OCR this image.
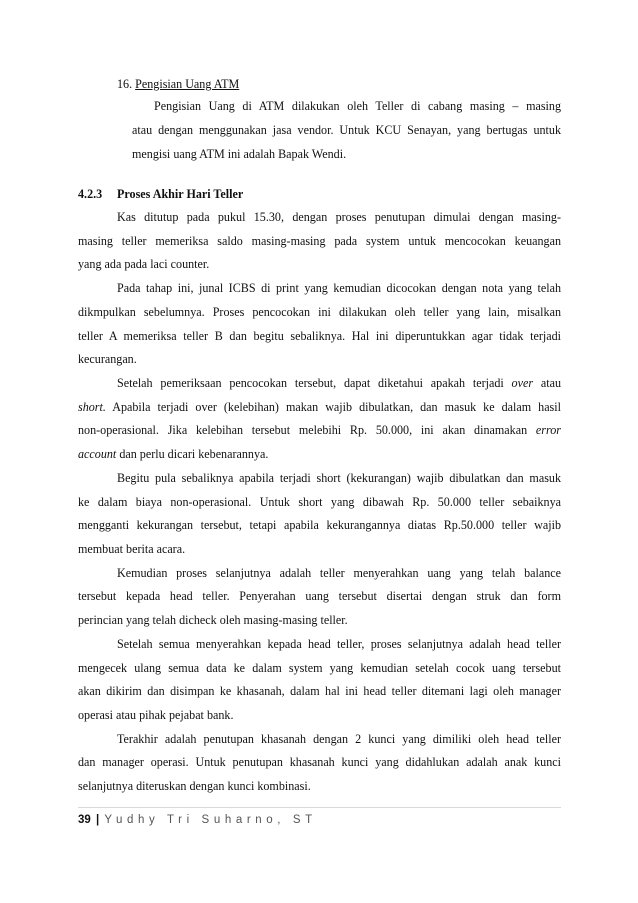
16. Pengisian Uang ATM
Pengisian Uang di ATM dilakukan oleh Teller di cabang masing – masing
atau dengan menggunakan jasa vendor. Untuk KCU Senayan, yang bertugas untuk
mengisi uang ATM ini adalah Bapak Wendi.
4.2.3 Proses Akhir Hari Teller
Kas ditutup pada pukul 15.30, dengan proses penutupan dimulai dengan masing-
masing teller memeriksa saldo masing-masing pada system untuk mencocokan keuangan
yang ada pada laci counter.
Pada tahap ini, junal ICBS di print yang kemudian dicocokan dengan nota yang telah
dikmpulkan sebelumnya. Proses pencocokan ini dilakukan oleh teller yang lain, misalkan
teller A memeriksa teller B dan begitu sebaliknya. Hal ini diperuntukkan agar tidak terjadi
kecurangan.
Setelah pemeriksaan pencocokan tersebut, dapat diketahui apakah terjadi over atau
short. Apabila terjadi over (kelebihan) makan wajib dibulatkan, dan masuk ke dalam hasil
non-operasional. Jika kelebihan tersebut melebihi Rp. 50.000, ini akan dinamakan error
account dan perlu dicari kebenarannya.
Begitu pula sebaliknya apabila terjadi short (kekurangan) wajib dibulatkan dan masuk
ke dalam biaya non-operasional. Untuk short yang dibawah Rp. 50.000 teller sebaiknya
mengganti kekurangan tersebut, tetapi apabila kekurangannya diatas Rp.50.000 teller wajib
membuat berita acara.
Kemudian proses selanjutnya adalah teller menyerahkan uang yang telah balance
tersebut kepada head teller. Penyerahan uang tersebut disertai dengan struk dan form
perincian yang telah dicheck oleh masing-masing teller.
Setelah semua menyerahkan kepada head teller, proses selanjutnya adalah head teller
mengecek ulang semua data ke dalam system yang kemudian setelah cocok uang tersebut
akan dikirim dan disimpan ke khasanah, dalam hal ini head teller ditemani lagi oleh manager
operasi atau pihak pejabat bank.
Terakhir adalah penutupan khasanah dengan 2 kunci yang dimiliki oleh head teller
dan manager operasi. Untuk penutupan khasanah kunci yang didahlukan adalah anak kunci
selanjutnya diteruskan dengan kunci kombinasi.
39 | Yudhy Tri Suharno, ST
